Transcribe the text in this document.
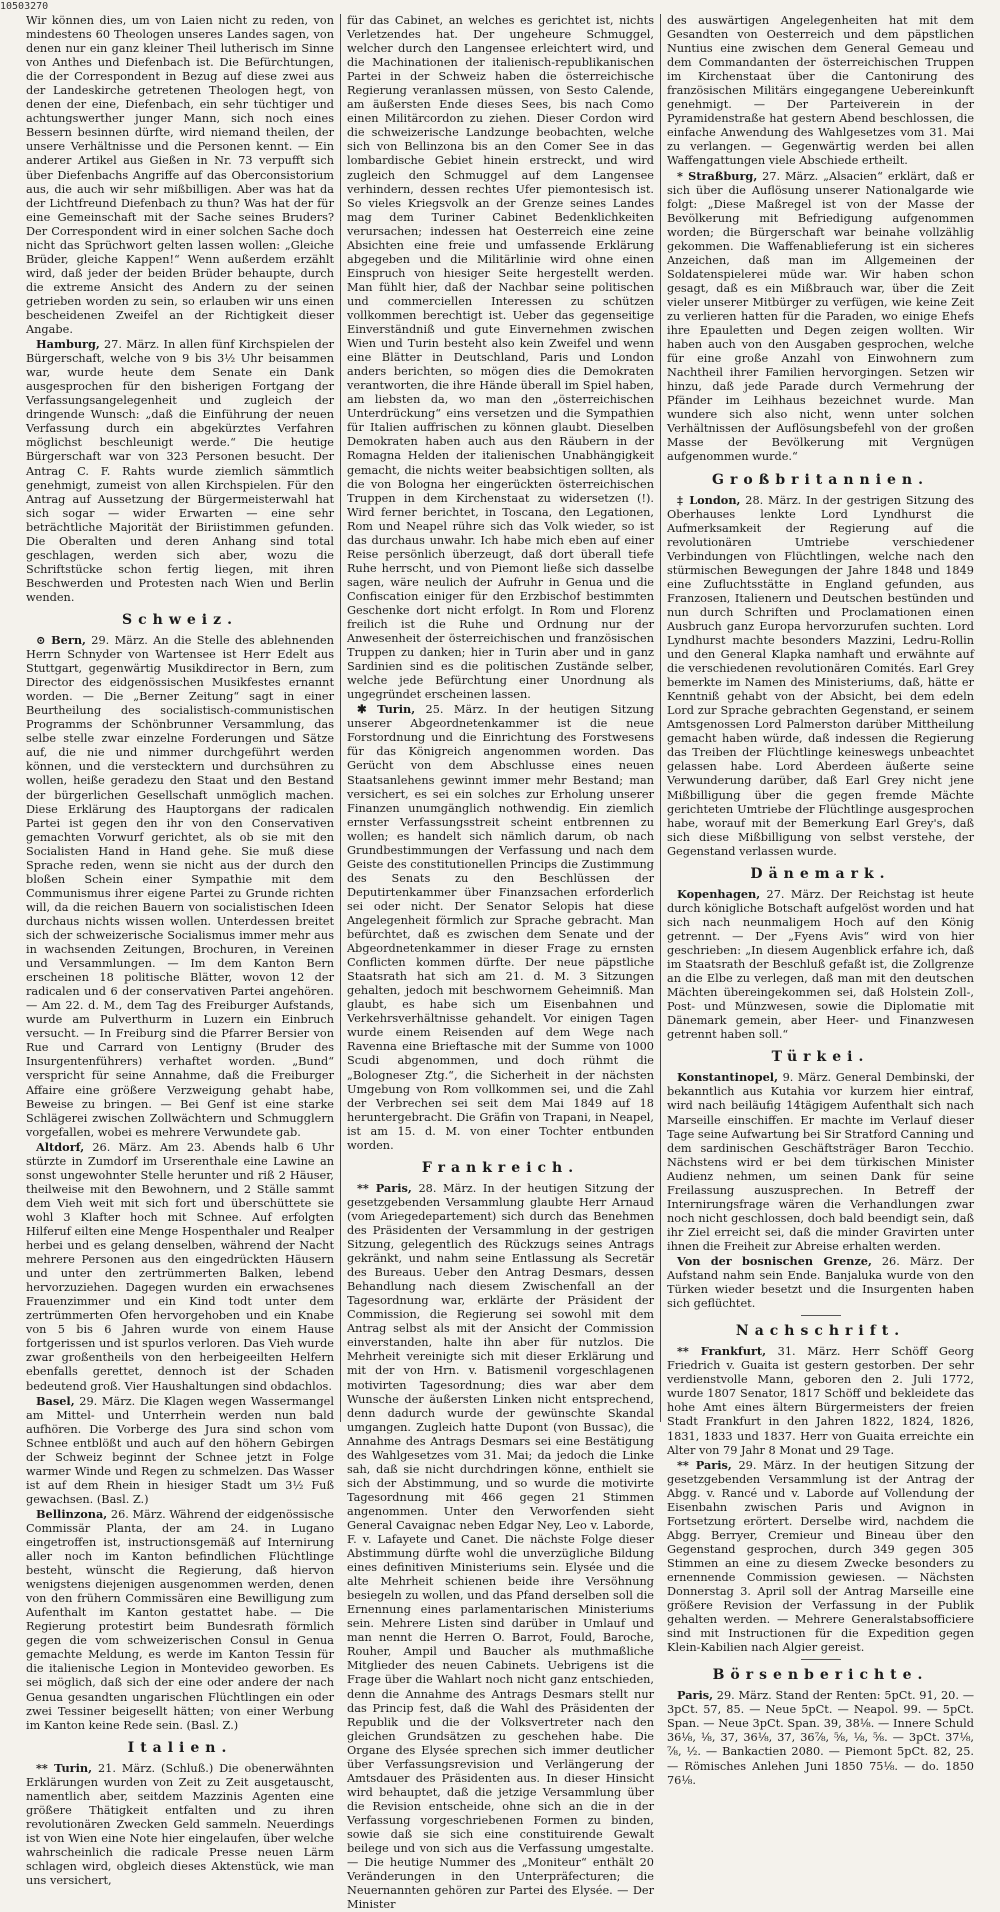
10503270

Wir können dies, um von Laien nicht zu reden, von mindestens 60 Theologen unseres Landes sagen, von denen nur ein ganz kleiner Theil lutherisch im Sinne von Anthes und Diefenbach ist. Die Befürchtungen, die der Correspondent in Bezug auf diese zwei aus der Landeskirche getretenen Theologen hegt, von denen der eine, Diefenbach, ein sehr tüchtiger und achtungswerther junger Mann, sich noch eines Bessern besinnen dürfte, wird niemand theilen, der unsere Verhältnisse und die Personen kennt. — Ein anderer Artikel aus Gießen in Nr. 73 verpufft sich über Diefenbachs Angriffe auf das Oberconsistorium aus, die auch wir sehr mißbilligen. Aber was hat da der Lichtfreund Diefenbach zu thun? Was hat der für eine Gemeinschaft mit der Sache seines Bruders? Der Correspondent wird in einer solchen Sache doch nicht das Sprüchwort gelten lassen wollen: „Gleiche Brüder, gleiche Kappen!“ Wenn außerdem erzählt wird, daß jeder der beiden Brüder behaupte, durch die extreme Ansicht des Andern zu der seinen getrieben worden zu sein, so erlauben wir uns einen bescheidenen Zweifel an der Richtigkeit dieser Angabe.

Hamburg, 27. März. In allen fünf Kirchspielen der Bürgerschaft, welche von 9 bis 3½ Uhr beisammen war, wurde heute dem Senate ein Dank ausgesprochen für den bisherigen Fortgang der Verfassungsangelegenheit und zugleich der dringende Wunsch: „daß die Einführung der neuen Verfassung durch ein abgekürztes Verfahren möglichst beschleunigt werde.“ Die heutige Bürgerschaft war von 323 Personen besucht. Der Antrag C. F. Rahts wurde ziemlich sämmtlich genehmigt, zumeist von allen Kirchspielen. Für den Antrag auf Aussetzung der Bürgermeisterwahl hat sich sogar — wider Erwarten — eine sehr beträchtliche Majorität der Biriistimmen gefunden. Die Oberalten und deren Anhang sind total geschlagen, werden sich aber, wozu die Schriftstücke schon fertig liegen, mit ihren Beschwerden und Protesten nach Wien und Berlin wenden.

Schweiz.

⊙ Bern, 29. März. An die Stelle des ablehnenden Herrn Schnyder von Wartensee ist Herr Edelt aus Stuttgart, gegenwärtig Musikdirector in Bern, zum Director des eidgenössischen Musikfestes ernannt worden. — Die „Berner Zeitung“ sagt in einer Beurtheilung des socialistisch-communistischen Programms der Schönbrunner Versammlung, das selbe stelle zwar einzelne Forderungen und Sätze auf, die nie und nimmer durchgeführt werden können, und die verstecktern und durchsühren zu wollen, heiße geradezu den Staat und den Bestand der bürgerlichen Gesellschaft unmöglich machen. Diese Erklärung des Hauptorgans der radicalen Partei ist gegen den ihr von den Conservativen gemachten Vorwurf gerichtet, als ob sie mit den Socialisten Hand in Hand gehe. Sie muß diese Sprache reden, wenn sie nicht aus der durch den bloßen Schein einer Sympathie mit dem Communismus ihrer eigene Partei zu Grunde richten will, da die reichen Bauern von socialistischen Ideen durchaus nichts wissen wollen. Unterdessen breitet sich der schweizerische Socialismus immer mehr aus in wachsenden Zeitungen, Brochuren, in Vereinen und Versammlungen. — Im dem Kanton Bern erscheinen 18 politische Blätter, wovon 12 der radicalen und 6 der conservativen Partei angehören. — Am 22. d. M., dem Tag des Freiburger Aufstands, wurde am Pulverthurm in Luzern ein Einbruch versucht. — In Freiburg sind die Pfarrer Bersier von Rue und Carrard von Lentigny (Bruder des Insurgentenführers) verhaftet worden. „Bund“ verspricht für seine Annahme, daß die Freiburger Affaire eine größere Verzweigung gehabt habe, Beweise zu bringen. — Bei Genf ist eine starke Schlägerei zwischen Zollwächtern und Schmugglern vorgefallen, wobei es mehrere Verwundete gab.

Altdorf, 26. März. Am 23. Abends halb 6 Uhr stürzte in Zumdorf im Urserenthale eine Lawine an sonst ungewohnter Stelle herunter und riß 2 Häuser, theilweise mit den Bewohnern, und 2 Ställe sammt dem Vieh weit mit sich fort und überschüttete sie wohl 3 Klafter hoch mit Schnee. Auf erfolgten Hilferuf eilten eine Menge Hospenthaler und Realper herbei und es gelang denselben, während der Nacht mehrere Personen aus den eingedrückten Häusern und unter den zertrümmerten Balken, lebend hervorzuziehen. Dagegen wurden ein erwachsenes Frauenzimmer und ein Kind todt unter dem zertrümmerten Ofen hervorgehoben und ein Knabe von 5 bis 6 Jahren wurde von einem Hause fortgerissen und ist spurlos verloren. Das Vieh wurde zwar großentheils von den herbeigeeilten Helfern ebenfalls gerettet, dennoch ist der Schaden bedeutend groß. Vier Haushaltungen sind obdachlos.

Basel, 29. März. Die Klagen wegen Wassermangel am Mittel- und Unterrhein werden nun bald aufhören. Die Vorberge des Jura sind schon vom Schnee entblößt und auch auf den höhern Gebirgen der Schweiz beginnt der Schnee jetzt in Folge warmer Winde und Regen zu schmelzen. Das Wasser ist auf dem Rhein in hiesiger Stadt um 3½ Fuß gewachsen. (Basl. Z.)

Bellinzona, 26. März. Während der eidgenössische Commissär Planta, der am 24. in Lugano eingetroffen ist, instructionsgemäß auf Internirung aller noch im Kanton befindlichen Flüchtlinge besteht, wünscht die Regierung, daß hiervon wenigstens diejenigen ausgenommen werden, denen von den frühern Commissären eine Bewilligung zum Aufenthalt im Kanton gestattet habe. — Die Regierung protestirt beim Bundesrath förmlich gegen die vom schweizerischen Consul in Genua gemachte Meldung, es werde im Kanton Tessin für die italienische Legion in Montevideo geworben. Es sei möglich, daß sich der eine oder andere der nach Genua gesandten ungarischen Flüchtlingen ein oder zwei Tessiner beigesellt hätten; von einer Werbung im Kanton keine Rede sein. (Basl. Z.)

Italien.

** Turin, 21. März. (Schluß.) Die obenerwähnten Erklärungen wurden von Zeit zu Zeit ausgetauscht, namentlich aber, seitdem Mazzinis Agenten eine größere Thätigkeit entfalten und zu ihren revolutionären Zwecken Geld sammeln. Neuerdings ist von Wien eine Note hier eingelaufen, über welche wahrscheinlich die radicale Presse neuen Lärm schlagen wird, obgleich dieses Aktenstück, wie man uns versichert,

für das Cabinet, an welches es gerichtet ist, nichts Verletzendes hat. Der ungeheure Schmuggel, welcher durch den Langensee erleichtert wird, und die Machinationen der italienisch-republikanischen Partei in der Schweiz haben die österreichische Regierung veranlassen müssen, von Sesto Calende, am äußersten Ende dieses Sees, bis nach Como einen Militärcordon zu ziehen. Dieser Cordon wird die schweizerische Landzunge beobachten, welche sich von Bellinzona bis an den Comer See in das lombardische Gebiet hinein erstreckt, und wird zugleich den Schmuggel auf dem Langensee verhindern, dessen rechtes Ufer piemontesisch ist. So vieles Kriegsvolk an der Grenze seines Landes mag dem Turiner Cabinet Bedenklichkeiten verursachen; indessen hat Oesterreich eine zeine Absichten eine freie und umfassende Erklärung abgegeben und die Militärlinie wird ohne einen Einspruch von hiesiger Seite hergestellt werden. Man fühlt hier, daß der Nachbar seine politischen und commerciellen Interessen zu schützen vollkommen berechtigt ist. Ueber das gegenseitige Einverständniß und gute Einvernehmen zwischen Wien und Turin besteht also kein Zweifel und wenn eine Blätter in Deutschland, Paris und London anders berichten, so mögen dies die Demokraten verantworten, die ihre Hände überall im Spiel haben, am liebsten da, wo man den „österreichischen Unterdrückung“ eins versetzen und die Sympathien für Italien auffrischen zu können glaubt. Dieselben Demokraten haben auch aus den Räubern in der Romagna Helden der italienischen Unabhängigkeit gemacht, die nichts weiter beabsichtigen sollten, als die von Bologna her eingerückten österreichischen Truppen in dem Kirchenstaat zu widersetzen (!). Wird ferner berichtet, in Toscana, den Legationen, Rom und Neapel rühre sich das Volk wieder, so ist das durchaus unwahr. Ich habe mich eben auf einer Reise persönlich überzeugt, daß dort überall tiefe Ruhe herrscht, und von Piemont ließe sich dasselbe sagen, wäre neulich der Aufruhr in Genua und die Confiscation einiger für den Erzbischof bestimmten Geschenke dort nicht erfolgt. In Rom und Florenz freilich ist die Ruhe und Ordnung nur der Anwesenheit der österreichischen und französischen Truppen zu danken; hier in Turin aber und in ganz Sardinien sind es die politischen Zustände selber, welche jede Befürchtung einer Unordnung als ungegründet erscheinen lassen.

✱ Turin, 25. März. In der heutigen Sitzung unserer Abgeordnetenkammer ist die neue Forstordnung und die Einrichtung des Forstwesens für das Königreich angenommen worden. Das Gerücht von dem Abschlusse eines neuen Staatsanlehens gewinnt immer mehr Bestand; man versichert, es sei ein solches zur Erholung unserer Finanzen unumgänglich nothwendig. Ein ziemlich ernster Verfassungsstreit scheint entbrennen zu wollen; es handelt sich nämlich darum, ob nach Grundbestimmungen der Verfassung und nach dem Geiste des constitutionellen Princips die Zustimmung des Senats zu den Beschlüssen der Deputirtenkammer über Finanzsachen erforderlich sei oder nicht. Der Senator Selopis hat diese Angelegenheit förmlich zur Sprache gebracht. Man befürchtet, daß es zwischen dem Senate und der Abgeordnetenkammer in dieser Frage zu ernsten Conflicten kommen dürfte. Der neue päpstliche Staatsrath hat sich am 21. d. M. 3 Sitzungen gehalten, jedoch mit beschwornem Geheimniß. Man glaubt, es habe sich um Eisenbahnen und Verkehrsverhältnisse gehandelt. Vor einigen Tagen wurde einem Reisenden auf dem Wege nach Ravenna eine Brieftasche mit der Summe von 1000 Scudi abgenommen, und doch rühmt die „Bologneser Ztg.“, die Sicherheit in der nächsten Umgebung von Rom vollkommen sei, und die Zahl der Verbrechen sei seit dem Mai 1849 auf 18 heruntergebracht. Die Gräfin von Trapani, in Neapel, ist am 15. d. M. von einer Tochter entbunden worden.

Frankreich.

** Paris, 28. März. In der heutigen Sitzung der gesetzgebenden Versammlung glaubte Herr Arnaud (vom Ariegedepartement) sich durch das Benehmen des Präsidenten der Versammlung in der gestrigen Sitzung, gelegentlich des Rückzugs seines Antrags gekränkt, und nahm seine Entlassung als Secretär des Bureaus. Ueber den Antrag Desmars, dessen Behandlung nach diesem Zwischenfall an der Tagesordnung war, erklärte der Präsident der Commission, die Regierung sei sowohl mit dem Antrag selbst als mit der Ansicht der Commission einverstanden, halte ihn aber für nutzlos. Die Mehrheit vereinigte sich mit dieser Erklärung und mit der von Hrn. v. Batismenil vorgeschlagenen motivirten Tagesordnung; dies war aber dem Wunsche der äußersten Linken nicht entsprechend, denn dadurch wurde der gewünschte Skandal umgangen. Zugleich hatte Dupont (von Bussac), die Annahme des Antrags Desmars sei eine Bestätigung des Wahlgesetzes vom 31. Mai; da jedoch die Linke sah, daß sie nicht durchdringen könne, enthielt sie sich der Abstimmung, und so wurde die motivirte Tagesordnung mit 466 gegen 21 Stimmen angenommen. Unter den Verworfenden sieht General Cavaignac neben Edgar Ney, Leo v. Laborde, F. v. Lafayete und Canet. Die nächste Folge dieser Abstimmung dürfte wohl die unverzügliche Bildung eines definitiven Ministeriums sein. Elysée und die alte Mehrheit schienen beide ihre Versöhnung besiegeln zu wollen, und das Pfand derselben soll die Ernennung eines parlamentarischen Ministeriums sein. Mehrere Listen sind darüber in Umlauf und man nennt die Herren O. Barrot, Fould, Baroche, Rouher, Ampil und Baucher als muthmaßliche Mitglieder des neuen Cabinets. Uebrigens ist die Frage über die Wahlart noch nicht ganz entschieden, denn die Annahme des Antrags Desmars stellt nur das Princip fest, daß die Wahl des Präsidenten der Republik und die der Volksvertreter nach den gleichen Grundsätzen zu geschehen habe. Die Organe des Elysée sprechen sich immer deutlicher über Verfassungsrevision und Verlängerung der Amtsdauer des Präsidenten aus. In dieser Hinsicht wird behauptet, daß die jetzige Versammlung über die Revision entscheide, ohne sich an die in der Verfassung vorgeschriebenen Formen zu binden, sowie daß sie sich eine constituirende Gewalt beilege und von sich aus die Verfassung umgestalte. — Die heutige Nummer des „Moniteur“ enthält 20 Veränderungen in den Unterpräfecturen; die Neuernannten gehören zur Partei des Elysée. — Der Minister

des auswärtigen Angelegenheiten hat mit dem Gesandten von Oesterreich und dem päpstlichen Nuntius eine zwischen dem General Gemeau und dem Commandanten der österreichischen Truppen im Kirchenstaat über die Cantonirung des französischen Militärs eingegangene Uebereinkunft genehmigt. — Der Parteiverein in der Pyramidenstraße hat gestern Abend beschlossen, die einfache Anwendung des Wahlgesetzes vom 31. Mai zu verlangen. — Gegenwärtig werden bei allen Waffengattungen viele Abschiede ertheilt.

* Straßburg, 27. März. „Alsacien“ erklärt, daß er sich über die Auflösung unserer Nationalgarde wie folgt: „Diese Maßregel ist von der Masse der Bevölkerung mit Befriedigung aufgenommen worden; die Bürgerschaft war beinahe vollzählig gekommen. Die Waffenablieferung ist ein sicheres Anzeichen, daß man im Allgemeinen der Soldatenspielerei müde war. Wir haben schon gesagt, daß es ein Mißbrauch war, über die Zeit vieler unserer Mitbürger zu verfügen, wie keine Zeit zu verlieren hatten für die Paraden, wo einige Ehefs ihre Epauletten und Degen zeigen wollten. Wir haben auch von den Ausgaben gesprochen, welche für eine große Anzahl von Einwohnern zum Nachtheil ihrer Familien hervorgingen. Setzen wir hinzu, daß jede Parade durch Vermehrung der Pfänder im Leihhaus bezeichnet wurde. Man wundere sich also nicht, wenn unter solchen Verhältnissen der Auflösungsbefehl von der großen Masse der Bevölkerung mit Vergnügen aufgenommen wurde.“

Großbritannien.

‡ London, 28. März. In der gestrigen Sitzung des Oberhauses lenkte Lord Lyndhurst die Aufmerksamkeit der Regierung auf die revolutionären Umtriebe verschiedener Verbindungen von Flüchtlingen, welche nach den stürmischen Bewegungen der Jahre 1848 und 1849 eine Zufluchtsstätte in England gefunden, aus Franzosen, Italienern und Deutschen bestünden und nun durch Schriften und Proclamationen einen Ausbruch ganz Europa hervorzurufen suchten. Lord Lyndhurst machte besonders Mazzini, Ledru-Rollin und den General Klapka namhaft und erwähnte auf die verschiedenen revolutionären Comités. Earl Grey bemerkte im Namen des Ministeriums, daß, hätte er Kenntniß gehabt von der Absicht, bei dem edeln Lord zur Sprache gebrachten Gegenstand, er seinem Amtsgenossen Lord Palmerston darüber Mittheilung gemacht haben würde, daß indessen die Regierung das Treiben der Flüchtlinge keineswegs unbeachtet gelassen habe. Lord Aberdeen äußerte seine Verwunderung darüber, daß Earl Grey nicht jene Mißbilligung über die gegen fremde Mächte gerichteten Umtriebe der Flüchtlinge ausgesprochen habe, worauf mit der Bemerkung Earl Grey's, daß sich diese Mißbilligung von selbst verstehe, der Gegenstand verlassen wurde.

Dänemark.

Kopenhagen, 27. März. Der Reichstag ist heute durch königliche Botschaft aufgelöst worden und hat sich nach neunmaligem Hoch auf den König getrennt. — Der „Fyens Avis“ wird von hier geschrieben: „In diesem Augenblick erfahre ich, daß im Staatsrath der Beschluß gefaßt ist, die Zollgrenze an die Elbe zu verlegen, daß man mit den deutschen Mächten übereingekommen sei, daß Holstein Zoll-, Post- und Münzwesen, sowie die Diplomatie mit Dänemark gemein, aber Heer- und Finanzwesen getrennt haben soll.“

Türkei.

Konstantinopel, 9. März. General Dembinski, der bekanntlich aus Kutahia vor kurzem hier eintraf, wird nach beiläufig 14tägigem Aufenthalt sich nach Marseille einschiffen. Er machte im Verlauf dieser Tage seine Aufwartung bei Sir Stratford Canning und dem sardinischen Geschäftsträger Baron Tecchio. Nächstens wird er bei dem türkischen Minister Audienz nehmen, um seinen Dank für seine Freilassung auszusprechen. In Betreff der Internirungsfrage wären die Verhandlungen zwar noch nicht geschlossen, doch bald beendigt sein, daß ihr Ziel erreicht sei, daß die minder Gravirten unter ihnen die Freiheit zur Abreise erhalten werden.

Von der bosnischen Grenze, 26. März. Der Aufstand nahm sein Ende. Banjaluka wurde von den Türken wieder besetzt und die Insurgenten haben sich geflüchtet.

Nachschrift.

** Frankfurt, 31. März. Herr Schöff Georg Friedrich v. Guaita ist gestern gestorben. Der sehr verdienstvolle Mann, geboren den 2. Juli 1772, wurde 1807 Senator, 1817 Schöff und bekleidete das hohe Amt eines ältern Bürgermeisters der freien Stadt Frankfurt in den Jahren 1822, 1824, 1826, 1831, 1833 und 1837. Herr von Guaita erreichte ein Alter von 79 Jahr 8 Monat und 29 Tage.

** Paris, 29. März. In der heutigen Sitzung der gesetzgebenden Versammlung ist der Antrag der Abgg. v. Rancé und v. Laborde auf Vollendung der Eisenbahn zwischen Paris und Avignon in Fortsetzung erörtert. Derselbe wird, nachdem die Abgg. Berryer, Cremieur und Bineau über den Gegenstand gesprochen, durch 349 gegen 305 Stimmen an eine zu diesem Zwecke besonders zu ernennende Commission gewiesen. — Nächsten Donnerstag 3. April soll der Antrag Marseille eine größere Revision der Verfassung in der Publik gehalten werden. — Mehrere Generalstabsofficiere sind mit Instructionen für die Expedition gegen Klein-Kabilien nach Algier gereist.

Börsenberichte.

Paris, 29. März. Stand der Renten: 5pCt. 91, 20. — 3pCt. 57, 85. — Neue 5pCt. — Neapol. 99. — 5pCt. Span. — Neue 3pCt. Span. 39, 38⅛. — Innere Schuld 36⅛, ⅛, 37, 36⅛, 37, 36⅞, ⅝, ⅛, ⅝. — 3pCt. 37⅛, ⅞, ½. — Bankactien 2080. — Piemont 5pCt. 82, 25. — Römisches Anlehen Juni 1850 75⅛. — do. 1850 76⅛.
